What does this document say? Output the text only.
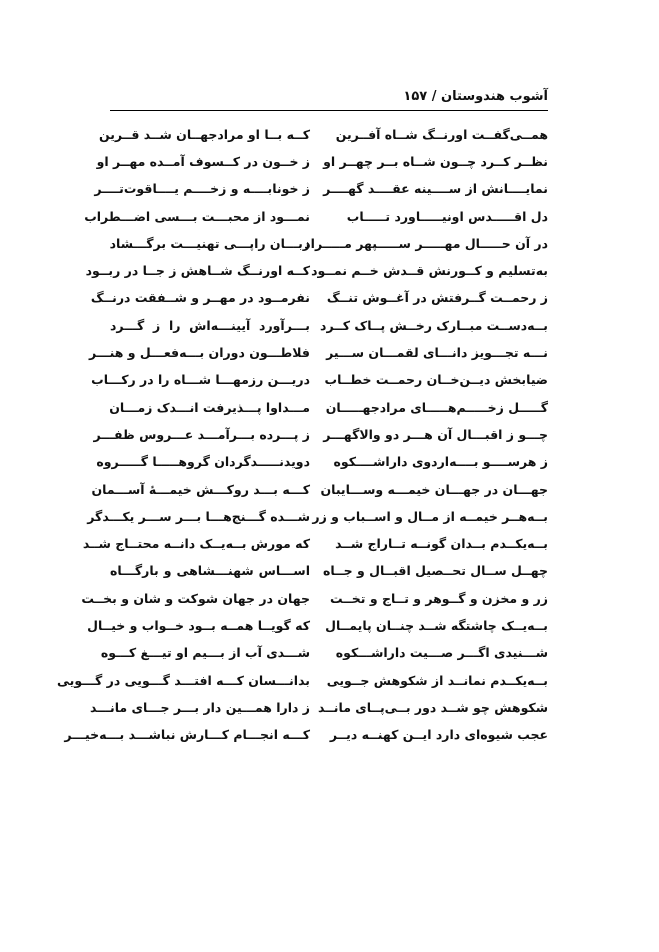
آشوب هندوستان / ۱۵۷
همــی‌گفــت اورنــگ شــاه آفــرین
کــه بــا او مرادجهــان شــد قــرین
نظــر کــرد چــون شــاه بــر چهــر او
ز خــون در کــسوف آمــده مهــر او
نمایــــانش از ســــینه عقــــد گهــــر
ز خونابــــه و زخــــم یــــاقوت‌تــــر
دل اقـــــدس اونیـــــاورد تـــــاب
نمـــود از محبـــت بـــسی اضـــطراب
در آن حـــــال مهـــــر ســـــپهر مـــــراد
زبـــان راپـــی تهنیـــت برگـــشاد
به‌تسلیم و کــورنش قــدش خــم نمــود
کــه اورنــگ شــاهش ز جــا در ربــود
ز رحمــت گــرفتش در آغــوش تنــگ
نفرمــود در مهــر و شــفقت درنــگ
بــه‌دســت مبــارک رخــش پــاک کــرد
بـــرآورد آیینـــه‌اش را ز گـــرد
نـــه تجـــویز دانـــای لقمـــان ســـیر
فلاطـــون دوران بـــه‌فعـــل و هنـــر
ضیابخش دیــن‌خــان رحمــت خطــاب
دریـــن رزمهـــا شـــاه را در رکـــاب
گـــــل زخـــــم‌هـــــای مرادجهـــــان
مـــداوا پـــذیرفت انـــدک زمـــان
چـــو ز اقبـــال آن هـــر دو والاگهـــر
ز پـــرده بـــرآمـــد عـــروس ظفـــر
ز هرســــو بــــه‌اردوی داراشــــکوه
دویدنـــــدگردان گروهـــــا گـــــروه
جهـــان در جهـــان خیمـــه وســـایبان
کـــه بـــد روکـــش خیمـــهٔ آســـمان
بــه‌هــر خیمــه از مــال و اســباب و زر
شـــده گـــنج‌هـــا بـــر ســـر یکـــدگر
بــه‌یکــدم بــدان گونــه تــاراج شــد
که مورش بــه‌یــک دانــه محتــاج شــد
چهــل ســال تحــصیل اقبــال و جــاه
اســـاس شهنـــشاهی و بارگـــاه
زر و مخزن و گــوهر و تــاج و تخــت
جهان در جهان شوکت و شان و بخــت
بــه‌یــک چاشتگه شــد چنــان پایمــال
که گویــا همــه بــود خــواب و خیــال
شـــنیدی اگـــر صـــیت داراشـــکوه
شـــدی آب از بـــیم او تیـــغ کـــوه
بــه‌یکــدم نمانــد از شکوهش جــویی
بدانـــسان کـــه افتـــد گـــویی در گـــویی
شکوهش چو شــد دور بــی‌پــای مانــد
ز دارا همـــین دار بـــر جـــای مانـــد
عجب شیوه‌ای دارد ایــن کهنــه دیــر
کـــه انجـــام کـــارش نباشـــد بـــه‌خیـــر
